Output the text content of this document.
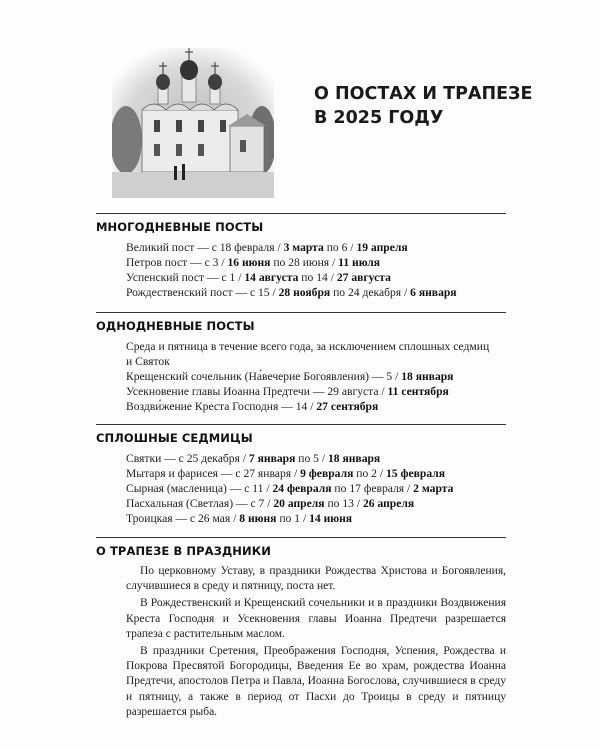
О ПОСТАХ И ТРАПЕЗЕ
В 2025 ГОДУ
МНОГОДНЕВНЫЕ ПОСТЫ
Великий пост — с 18 февраля / 3 марта по 6 / 19 апреля
Петров пост — с 3 / 16 июня по 28 июня / 11 июля
Успенский пост — с 1 / 14 августа по 14 / 27 августа
Рождественский пост — с 15 / 28 ноября по 24 декабря / 6 января
ОДНОДНЕВНЫЕ ПОСТЫ
Среда и пятница в течение всего года, за исключением сплошных седмиц и Святок
Крещенский сочельник (На́вечерие Богоявления) — 5 / 18 января
Усекновение главы Иоанна Предтечи — 29 августа / 11 сентября
Воздви́жение Креста Господня — 14 / 27 сентября
СПЛОШНЫЕ СЕДМИЦЫ
Святки — с 25 декабря / 7 января по 5 / 18 января
Мытаря и фарисея — с 27 января / 9 февраля по 2 / 15 февраля
Сырная (масленица) — с 11 / 24 февраля по 17 февраля / 2 марта
Пасхальная (Светлая) — с 7 / 20 апреля по 13 / 26 апреля
Троицкая — с 26 мая / 8 июня по 1 / 14 июня
О ТРАПЕЗЕ В ПРАЗДНИКИ
По церковному Уставу, в праздники Рождества Христова и Богоявления, случившиеся в среду и пятницу, поста нет.
В Рождественский и Крещенский сочельники и в праздники Воздвижения Креста Господня и Усекновения главы Иоанна Предтечи разрешается трапеза с растительным маслом.
В праздники Сретения, Преображения Господня, Успения, Рождества и Покрова Пресвятой Богородицы, Введения Ее во храм, рождества Иоанна Предтечи, апостолов Петра и Павла, Иоанна Богослова, случившиеся в среду и пятницу, а также в период от Пасхи до Троицы в среду и пятницу разрешается рыба.
